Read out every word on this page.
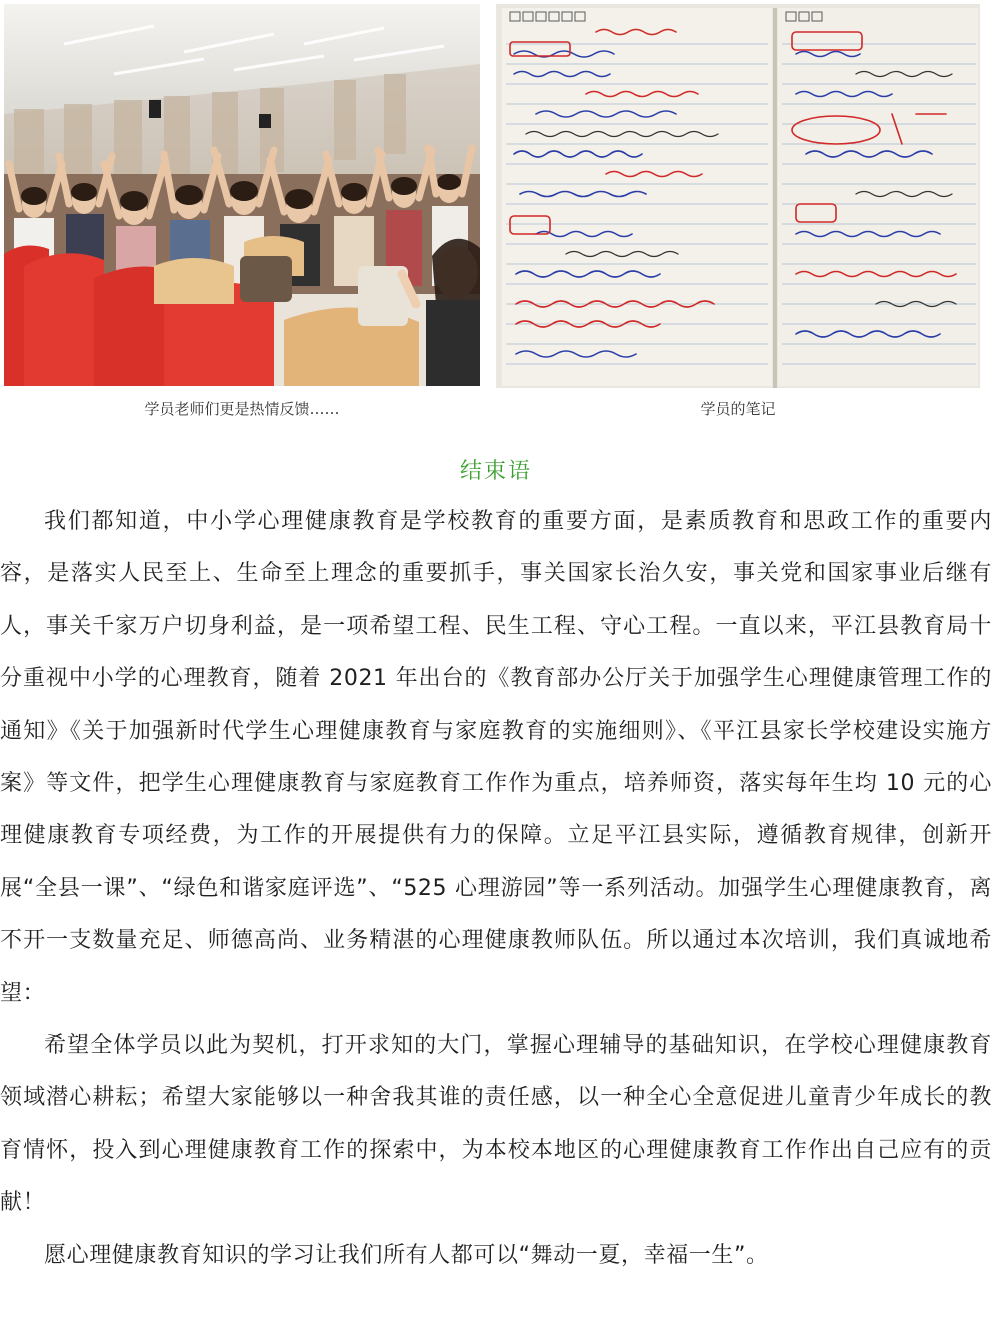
学员老师们更是热情反馈……	学员的笔记
结束语

我们都知道，中小学心理健康教育是学校教育的重要方面，是素质教育和思政工作的重要内容，是落实人民至上、生命至上理念的重要抓手，事关国家长治久安，事关党和国家事业后继有人，事关千家万户切身利益，是一项希望工程、民生工程、守心工程。一直以来，平江县教育局十分重视中小学的心理教育，随着 2021 年出台的《教育部办公厅关于加强学生心理健康管理工作的通知》《关于加强新时代学生心理健康教育与家庭教育的实施细则》、《平江县家长学校建设实施方案》等文件，把学生心理健康教育与家庭教育工作作为重点，培养师资，落实每年生均 10 元的心理健康教育专项经费，为工作的开展提供有力的保障。立足平江县实际，遵循教育规律，创新开展“全县一课”、“绿色和谐家庭评选”、“525 心理游园”等一系列活动。加强学生心理健康教育，离不开一支数量充足、师德高尚、业务精湛的心理健康教师队伍。所以通过本次培训，我们真诚地希望：

希望全体学员以此为契机，打开求知的大门，掌握心理辅导的基础知识，在学校心理健康教育领域潜心耕耘；希望大家能够以一种舍我其谁的责任感，以一种全心全意促进儿童青少年成长的教育情怀，投入到心理健康教育工作的探索中，为本校本地区的心理健康教育工作作出自己应有的贡献！

愿心理健康教育知识的学习让我们所有人都可以“舞动一夏，幸福一生”。
